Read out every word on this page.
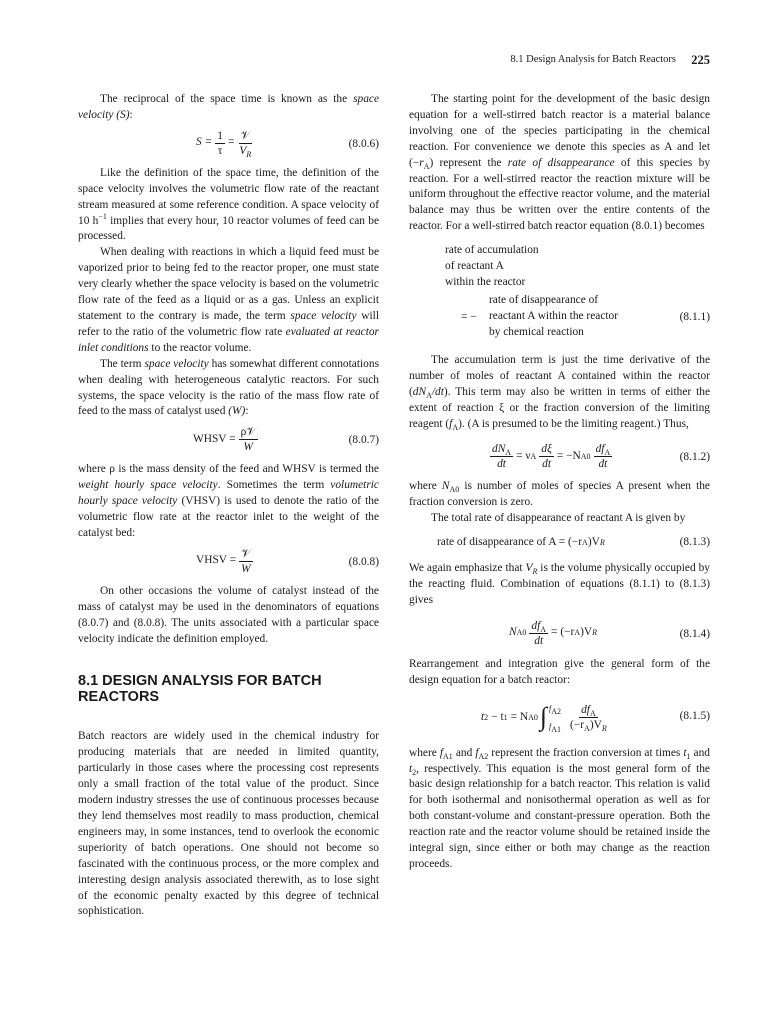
8.1 Design Analysis for Batch Reactors 225

The reciprocal of the space time is known as the space velocity (S):

$S = \frac{1}{\tau} = \frac{\text{𝒱}}{V_R}$	(8.0.6)

Like the definition of the space time, the definition of the space velocity involves the volumetric flow rate of the reactant stream measured at some reference condition. A space velocity of 10 $h^{-1}$ implies that every hour, 10 reactor volumes of feed can be processed.

When dealing with reactions in which a liquid feed must be vaporized prior to being fed to the reactor proper, one must state very clearly whether the space velocity is based on the volumetric flow rate of the feed as a liquid or as a gas. Unless an explicit statement to the contrary is made, the term space velocity will refer to the ratio of the volumetric flow rate evaluated at reactor inlet conditions to the reactor volume.

The term space velocity has somewhat different connotations when dealing with heterogeneous catalytic reactors. For such systems, the space velocity is the ratio of the mass flow rate of feed to the mass of catalyst used (W):

WHSV = $\frac{\text{ρ𝒱}}{W}$	(8.0.7)

where ρ is the mass density of the feed and WHSV is termed the weight hourly space velocity. Sometimes the term volumetric hourly space velocity (VHSV) is used to denote the ratio of the volumetric flow rate at the reactor inlet to the weight of the catalyst bed:

VHSV = $\frac{\text{𝒱}}{W}$	(8.0.8)

On other occasions the volume of catalyst instead of the mass of catalyst may be used in the denominators of equations (8.0.7) and (8.0.8). The units associated with a particular space velocity indicate the definition employed.

8.1 DESIGN ANALYSIS FOR BATCH REACTORS

Batch reactors are widely used in the chemical industry for producing materials that are needed in limited quantity, particularly in those cases where the processing cost represents only a small fraction of the total value of the product. Since modern industry stresses the use of continuous processes because they lend themselves most readily to mass production, chemical engineers may, in some instances, tend to overlook the economic superiority of batch operations. One should not become so fascinated with the continuous process, or the more complex and interesting design analysis associated therewith, as to lose sight of the economic penalty exacted by this degree of technical sophistication.

The starting point for the development of the basic design equation for a well-stirred batch reactor is a material balance involving one of the species participating in the chemical reaction. For convenience we denote this species as A and let $(-r_A)$ represent the rate of disappearance of this species by reaction. For a well-stirred reactor the reaction mixture will be uniform throughout the effective reactor volume, and the material balance may thus be written over the entire contents of the reactor. For a well-stirred batch reactor equation (8.0.1) becomes

rate of accumulation
of reactant A
within the reactor
= −
rate of disappearance of
reactant A within the reactor
by chemical reaction
(8.1.1)

The accumulation term is just the time derivative of the number of moles of reactant A contained within the reactor $(dN_A/dt)$. This term may also be written in terms of either the extent of reaction ξ or the fraction conversion of the limiting reagent $(f_A)$. (A is presumed to be the limiting reagent.) Thus,

$\frac{dN_A}{dt} = \nu$ A $\frac{d\xi}{dt} = -N$ $A0 \frac{df_A}{dt}$	(8.1.2)

where $N_{A0}$ is number of moles of species A present when the fraction conversion is zero.

The total rate of disappearance of reactant A is given by

rate of disappearance of A = (−r A )V R	(8.1.3)

We again emphasize that $V_R$ is the volume physically occupied by the reacting fluid. Combination of equations (8.1.1) to (8.1.3) gives

N $A0 \frac{df_A}{dt} = (-r$ A )V R	(8.1.4)

Rearrangement and integration give the general form of the design equation for a batch reactor:

t 2 − t 1 = N A0 ∫ $f_{A2}$
$f_{A1} \frac{df_A}{(-r_A)V_R}$	(8.1.5)

where $f_{A1}$ and $f_{A2}$ represent the fraction conversion at times $t_1$ and $t_2$, respectively. This equation is the most general form of the basic design relationship for a batch reactor. This relation is valid for both isothermal and nonisothermal operation as well as for both constant-volume and constant-pressure operation. Both the reaction rate and the reactor volume should be retained inside the integral sign, since either or both may change as the reaction proceeds.
